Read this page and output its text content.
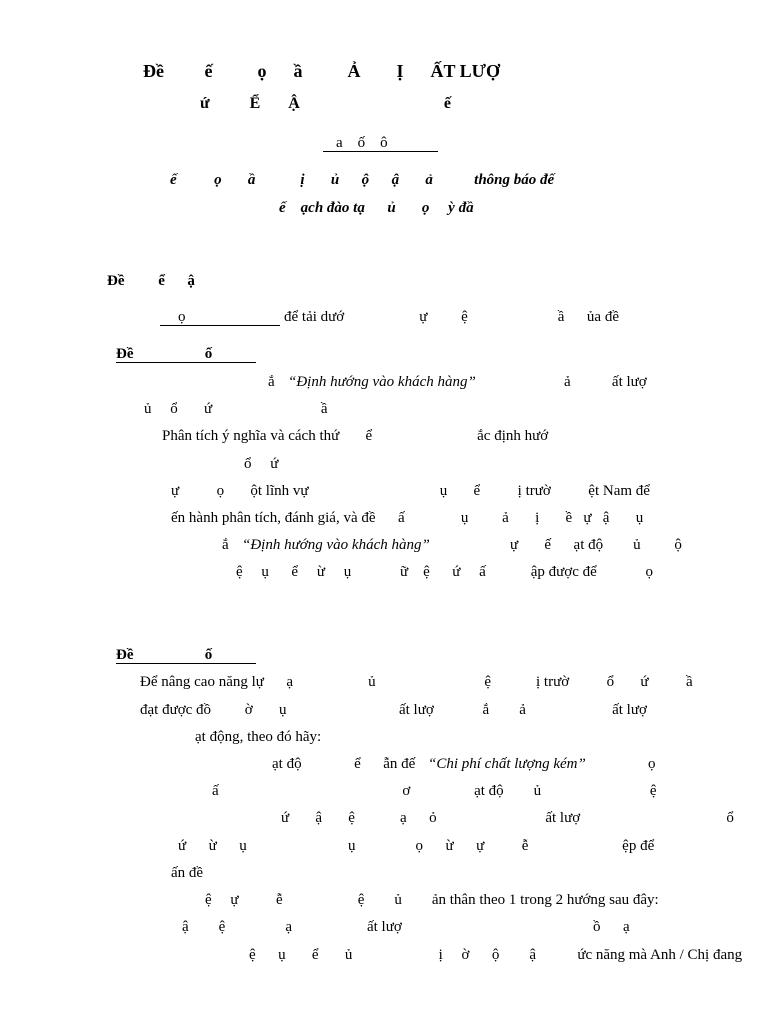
Đề         ế          ọ      ầ          Ả        Ị      ẤT LƯỢ
ứ          Ể       Ậ                                    ế
a    ố    ô
ế          ọ       ầ            ị       ủ      ộ      ậ       ả           thông báo đế
ế    ạch đào tạ      ủ       ọ     ỳ đầ
Đề         ể      ậ
ọ	để tải dướ                    ự         ệ                        ầ      ủa đề
Đề                   ố
ắ “Định hướng vào khách hàng”	ả           ất lượ
ủ     ổ       ứ                             ầ
Phân tích ý nghĩa và cách thứ       ể                            ắc định hướ
ổ     ứ
ự          ọ       ột lĩnh vự                                   ụ       ể          ị trườ          ệt Nam để
ến hành phân tích, đánh giá, và đề      ấ               ụ         ả       ị       ề   ự   ậ       ụ
ắ “Định hướng vào khách hàng”	ự       ế      ạt độ        ủ         ộ
ệ     ụ      ể     ừ     ụ             ữ    ệ      ứ     ấ            ập được để             ọ
Đề                   ố
Để nâng cao năng lự      ạ                    ủ                             ệ            ị trườ          ổ       ứ          ầ
đạt được đồ         ờ       ụ                              ất lượ             ắ        ả                       ất lượ
ạt động, theo đó hãy:
ạt độ              ể      ẫn đế “Chi phí chất lượng kém”	ọ
ấ                                                 ơ                 ạt độ        ủ                             ệ
ứ       ậ       ệ            ạ      ỏ                             ất lượ                                       ổ
ứ      ừ      ụ                           ụ                ọ      ừ      ự          ễ                         ệp để
ấn đề
ệ     ự          ễ                    ệ        ủ        ản thân theo 1 trong 2 hướng sau đây:
ậ        ệ                ạ                    ất lượ                                                   ồ      ạ
ệ      ụ       ể       ủ                       ị     ờ      ộ        ậ           ức năng mà Anh / Chị đang
